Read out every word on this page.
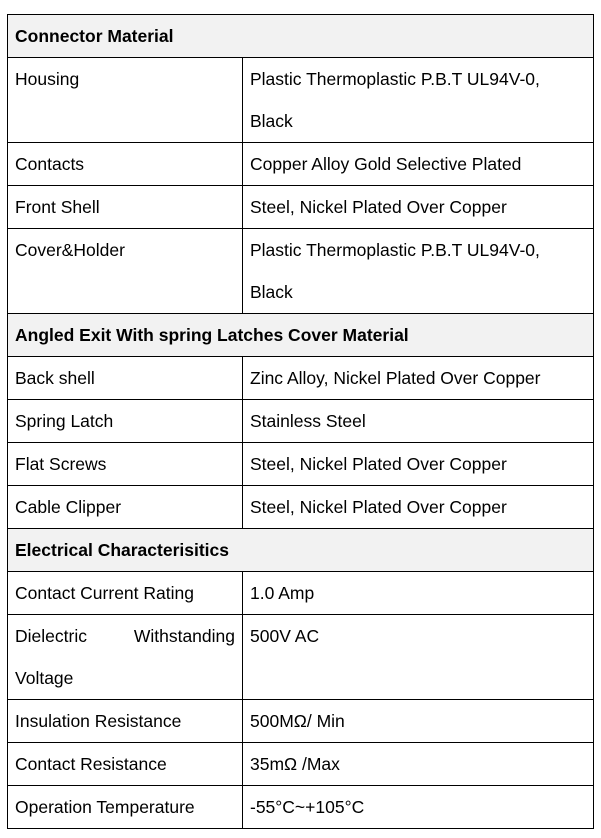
Connector Material	
Housing	Plastic Thermoplastic P.B.T UL94V-0, Black
Contacts	Copper Alloy Gold Selective Plated
Front Shell	Steel, Nickel Plated Over Copper
Cover&Holder	Plastic Thermoplastic P.B.T UL94V-0, Black
Angled Exit With spring Latches Cover Material	
Back shell	Zinc Alloy, Nickel Plated Over Copper
Spring Latch	Stainless Steel
Flat Screws	Steel, Nickel Plated Over Copper
Cable Clipper	Steel, Nickel Plated Over Copper
Electrical Characterisitics	
Contact Current Rating	1.0 Amp
Dielectric Withstanding Voltage	500V AC
Insulation Resistance	500MΩ/ Min
Contact Resistance	35mΩ /Max
Operation Temperature	-55°C~+105°C
